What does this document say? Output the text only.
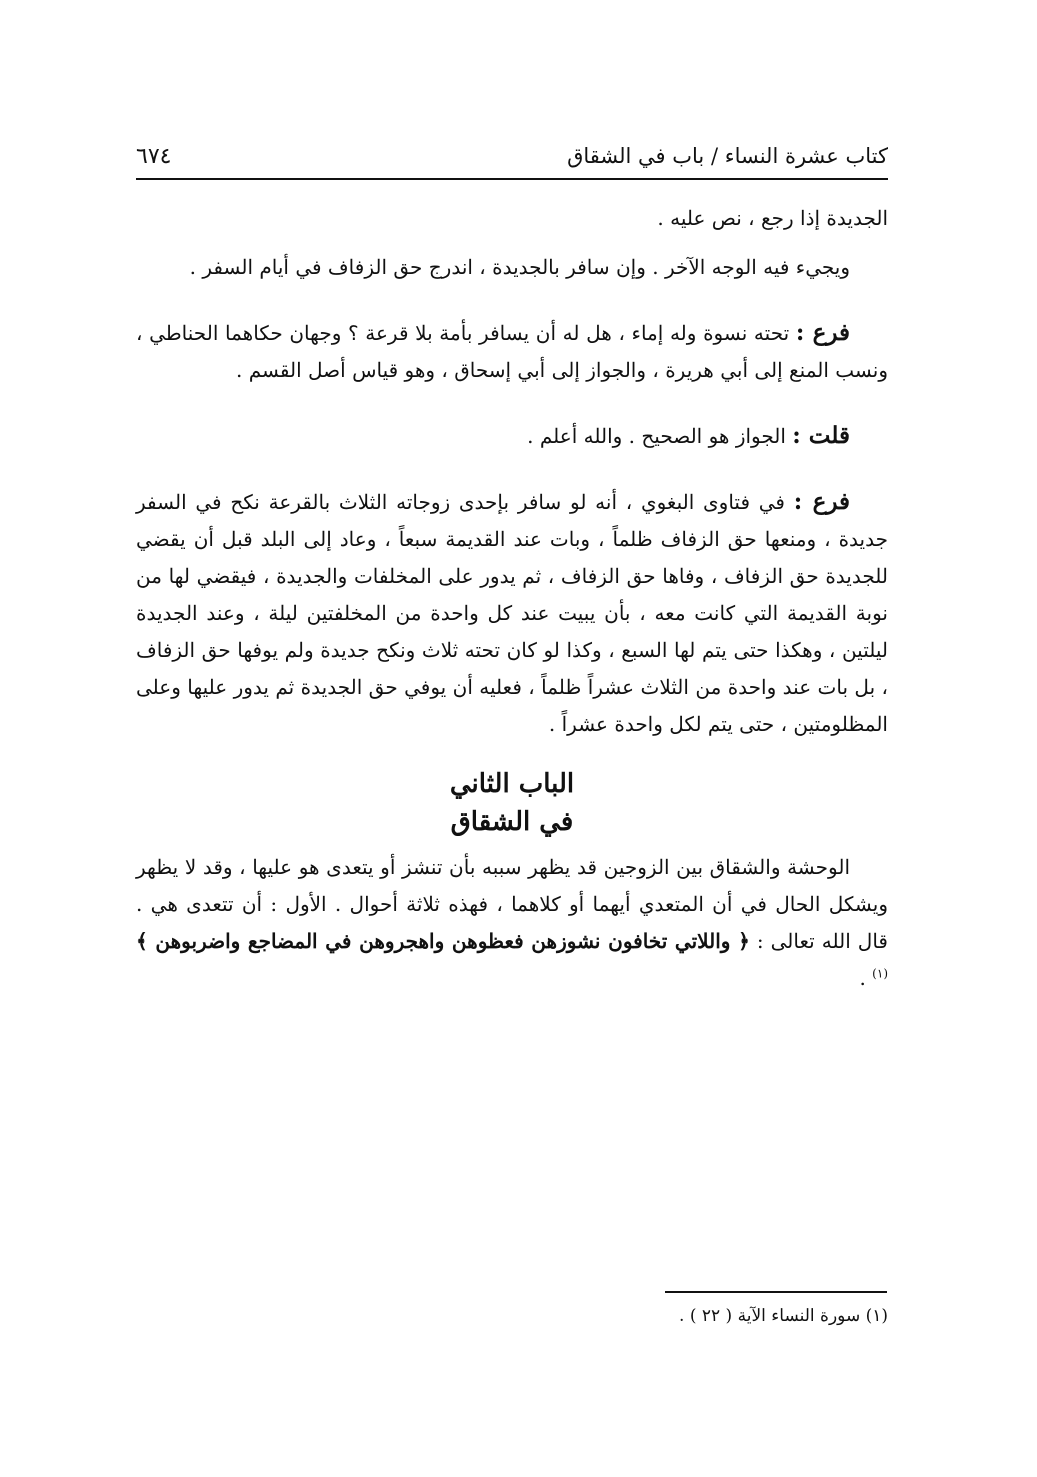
كتاب عشرة النساء / باب في الشقاق
٦٧٤

الجديدة إذا رجع ، نص عليه .

ويجيء فيه الوجه الآخر . وإن سافر بالجديدة ، اندرج حق الزفاف في أيام السفر .

فرع : تحته نسوة وله إماء ، هل له أن يسافر بأمة بلا قرعة ؟ وجهان حكاهما الحناطي ، ونسب المنع إلى أبي هريرة ، والجواز إلى أبي إسحاق ، وهو قياس أصل القسم .

قلت : الجواز هو الصحيح . والله أعلم .

فرع : في فتاوى البغوي ، أنه لو سافر بإحدى زوجاته الثلاث بالقرعة نكح في السفر جديدة ، ومنعها حق الزفاف ظلماً ، وبات عند القديمة سبعاً ، وعاد إلى البلد قبل أن يقضي للجديدة حق الزفاف ، وفاها حق الزفاف ، ثم يدور على المخلفات والجديدة ، فيقضي لها من نوبة القديمة التي كانت معه ، بأن يبيت عند كل واحدة من المخلفتين ليلة ، وعند الجديدة ليلتين ، وهكذا حتى يتم لها السبع ، وكذا لو كان تحته ثلاث ونكح جديدة ولم يوفها حق الزفاف ، بل بات عند واحدة من الثلاث عشراً ظلماً ، فعليه أن يوفي حق الجديدة ثم يدور عليها وعلى المظلومتين ، حتى يتم لكل واحدة عشراً .

الباب الثاني
في الشقاق

الوحشة والشقاق بين الزوجين قد يظهر سببه بأن تنشز أو يتعدى هو عليها ، وقد لا يظهر ويشكل الحال في أن المتعدي أيهما أو كلاهما ، فهذه ثلاثة أحوال . الأول : أن تتعدى هي . قال الله تعالى : ﴿ واللاتي تخافون نشوزهن فعظوهن واهجروهن في المضاجع واضربوهن ﴾$^{(١)}$ .

(١) سورة النساء الآية ( ٢٢ ) .
